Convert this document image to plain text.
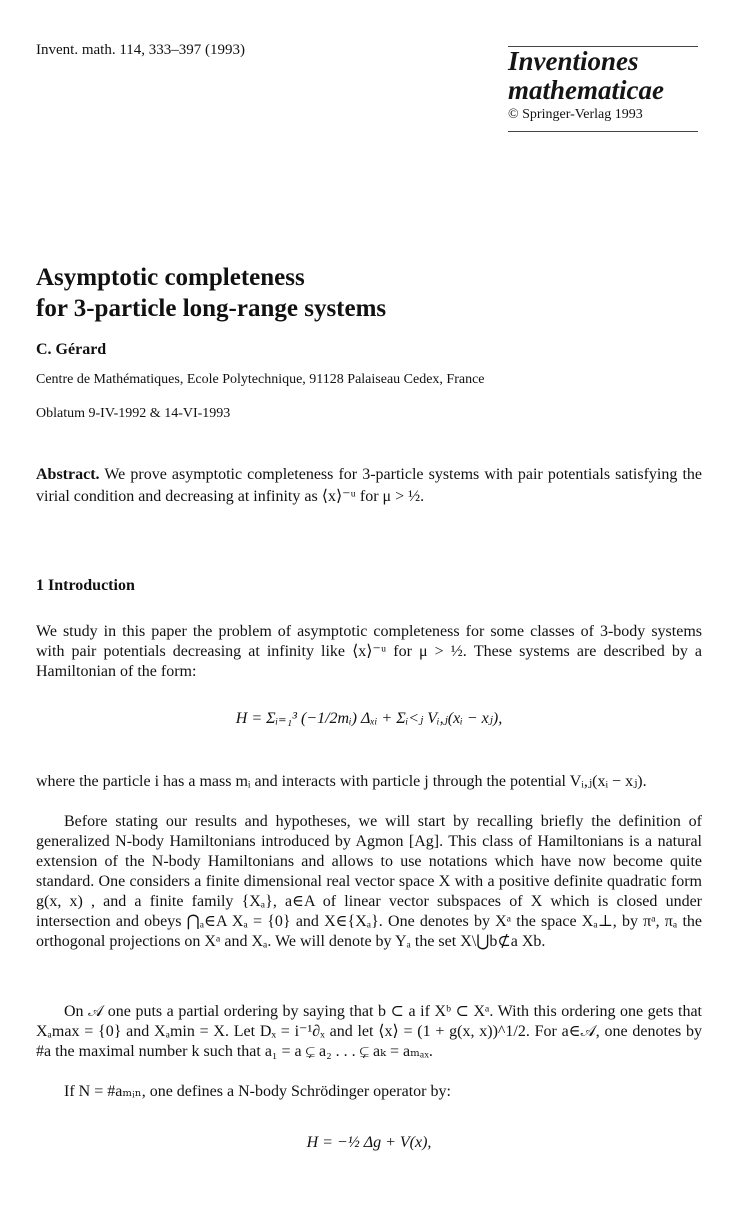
Invent. math. 114, 333–397 (1993)	Inventiones
mathematicae
© Springer-Verlag 1993
Asymptotic completeness
for 3-particle long-range systems
C. Gérard
Centre de Mathématiques, Ecole Polytechnique, 91128 Palaiseau Cedex, France
Oblatum 9-IV-1992 & 14-VI-1993
Abstract. We prove asymptotic completeness for 3-particle systems with pair potentials satisfying the virial condition and decreasing at infinity as ⟨x⟩⁻ᵘ for μ > ½.
1 Introduction
We study in this paper the problem of asymptotic completeness for some classes of 3-body systems with pair potentials decreasing at infinity like ⟨x⟩⁻ᵘ for μ > ½. These systems are described by a Hamiltonian of the form:
H = Σᵢ₌₁³ (−1/2mᵢ) Δₓᵢ + Σᵢ<ⱼ Vᵢ,ⱼ(xᵢ − xⱼ),
where the particle i has a mass mᵢ and interacts with particle j through the potential Vᵢ,ⱼ(xᵢ − xⱼ).
Before stating our results and hypotheses, we will start by recalling briefly the definition of generalized N-body Hamiltonians introduced by Agmon [Ag]. This class of Hamiltonians is a natural extension of the N-body Hamiltonians and allows to use notations which have now become quite standard. One considers a finite dimensional real vector space X with a positive definite quadratic form g(x, x) , and a finite family {Xₐ}, a∈A of linear vector subspaces of X which is closed under intersection and obeys ⋂ₐ∈A Xₐ = {0} and X∈{Xₐ}. One denotes by Xᵃ the space Xₐ⊥, by πᵃ, πₐ the orthogonal projections on Xᵃ and Xₐ. We will denote by Yₐ the set X\⋃b⊄a Xb.
On 𝒜 one puts a partial ordering by saying that b ⊂ a if Xᵇ ⊂ Xᵃ. With this ordering one gets that Xₐmax = {0} and Xₐmin = X. Let Dₓ = i⁻¹∂ₓ and let ⟨x⟩ = (1 + g(x, x))^1/2. For a∈𝒜, one denotes by #a the maximal number k such that a₁ = a ⊊ a₂ . . . ⊊ aₖ = aₘₐₓ.
If N = #aₘᵢₙ, one defines a N-body Schrödinger operator by:
H = −½ Δg + V(x),
